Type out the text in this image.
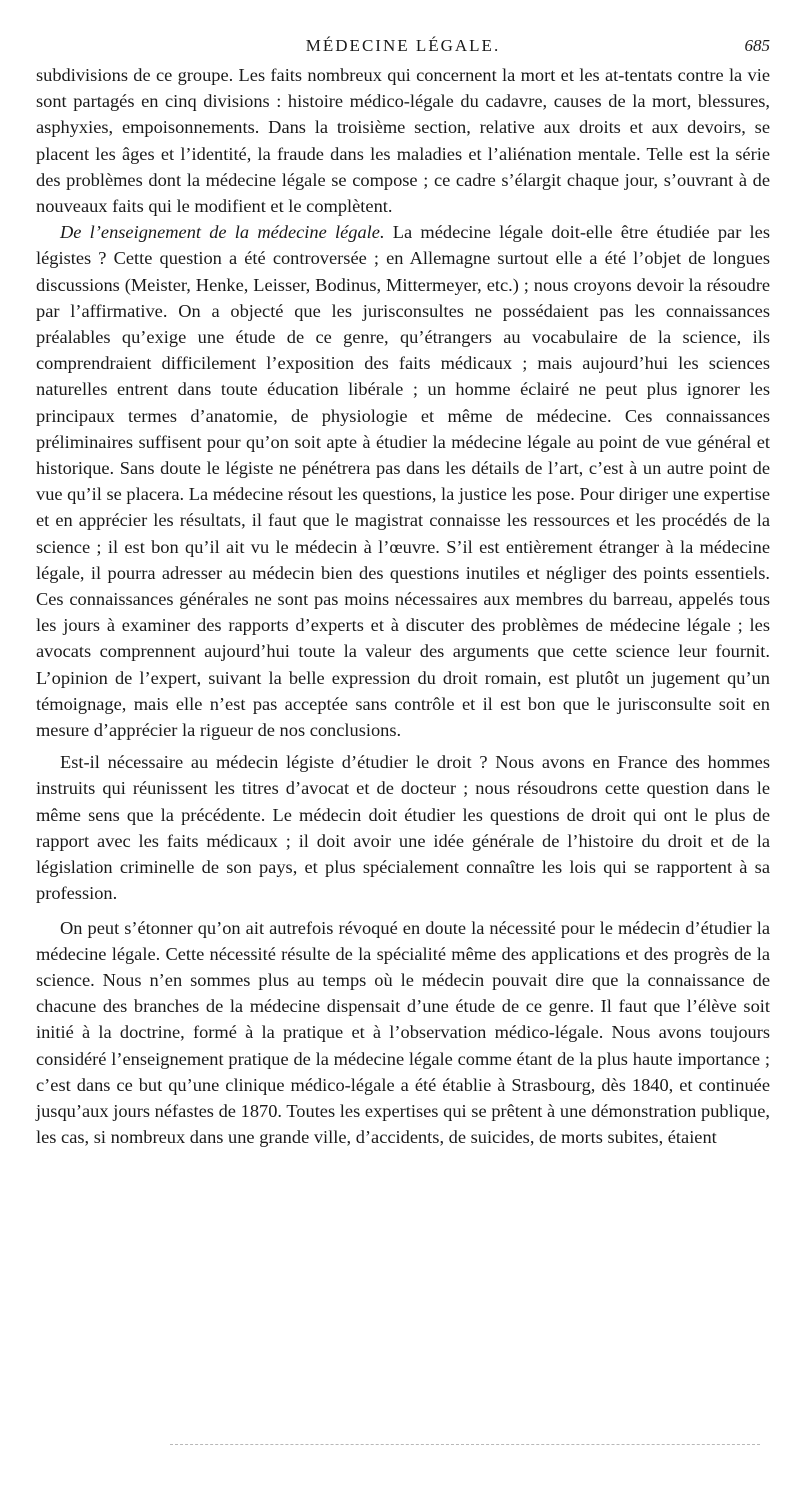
MÉDECINE LÉGALE.	685

subdivisions de ce groupe. Les faits nombreux qui concernent la mort et les at-tentats contre la vie sont partagés en cinq divisions : histoire médico-légale du cadavre, causes de la mort, blessures, asphyxies, empoisonnements. Dans la troisième section, relative aux droits et aux devoirs, se placent les âges et l’identité, la fraude dans les maladies et l’aliénation mentale. Telle est la série des problèmes dont la médecine légale se compose ; ce cadre s’élargit chaque jour, s’ouvrant à de nouveaux faits qui le modifient et le complètent.

De l’enseignement de la médecine légale. La médecine légale doit-elle être étudiée par les légistes ? Cette question a été controversée ; en Allemagne surtout elle a été l’objet de longues discussions (Meister, Henke, Leisser, Bodinus, Mittermeyer, etc.) ; nous croyons devoir la résoudre par l’affirmative. On a objecté que les jurisconsultes ne possédaient pas les connaissances préalables qu’exige une étude de ce genre, qu’étrangers au vocabulaire de la science, ils comprendraient difficilement l’exposition des faits médicaux ; mais aujourd’hui les sciences naturelles entrent dans toute éducation libérale ; un homme éclairé ne peut plus ignorer les principaux termes d’anatomie, de physiologie et même de médecine. Ces connaissances préliminaires suffisent pour qu’on soit apte à étudier la médecine légale au point de vue général et historique. Sans doute le légiste ne pénétrera pas dans les détails de l’art, c’est à un autre point de vue qu’il se placera. La médecine résout les questions, la justice les pose. Pour diriger une expertise et en apprécier les résultats, il faut que le magistrat connaisse les ressources et les procédés de la science ; il est bon qu’il ait vu le médecin à l’œuvre. S’il est entièrement étranger à la médecine légale, il pourra adresser au médecin bien des questions inutiles et négliger des points essentiels. Ces connaissances générales ne sont pas moins nécessaires aux membres du barreau, appelés tous les jours à examiner des rapports d’experts et à discuter des problèmes de médecine légale ; les avocats comprennent aujourd’hui toute la valeur des arguments que cette science leur fournit. L’opinion de l’expert, suivant la belle expression du droit romain, est plutôt un jugement qu’un témoignage, mais elle n’est pas acceptée sans contrôle et il est bon que le jurisconsulte soit en mesure d’apprécier la rigueur de nos conclusions.

Est-il nécessaire au médecin légiste d’étudier le droit ? Nous avons en France des hommes instruits qui réunissent les titres d’avocat et de docteur ; nous résoudrons cette question dans le même sens que la précédente. Le médecin doit étudier les questions de droit qui ont le plus de rapport avec les faits médicaux ; il doit avoir une idée générale de l’histoire du droit et de la législation criminelle de son pays, et plus spécialement connaître les lois qui se rapportent à sa profession.

On peut s’étonner qu’on ait autrefois révoqué en doute la nécessité pour le médecin d’étudier la médecine légale. Cette nécessité résulte de la spécialité même des applications et des progrès de la science. Nous n’en sommes plus au temps où le médecin pouvait dire que la connaissance de chacune des branches de la médecine dispensait d’une étude de ce genre. Il faut que l’élève soit initié à la doctrine, formé à la pratique et à l’observation médico-légale. Nous avons toujours considéré l’enseignement pratique de la médecine légale comme étant de la plus haute importance ; c’est dans ce but qu’une clinique médico-légale a été établie à Strasbourg, dès 1840, et continuée jusqu’aux jours néfastes de 1870. Toutes les expertises qui se prêtent à une démonstration publique, les cas, si nombreux dans une grande ville, d’accidents, de suicides, de morts subites, étaient
